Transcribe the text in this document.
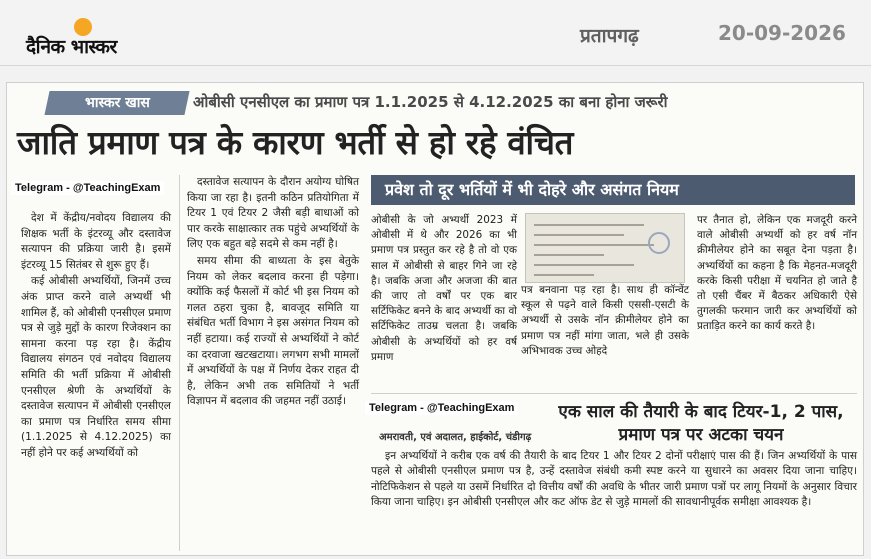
दैनिक भास्कर	प्रतापगढ़	20-09-2026
भास्कर खास	ओबीसी एनसीएल का प्रमाण पत्र 1.1.2025 से 4.12.2025 का बना होना जरूरी
जाति प्रमाण पत्र के कारण भर्ती से हो रहे वंचित
Telegram - @TeachingExam

देश में केंद्रीय/नवोदय विद्यालय की शिक्षक भर्ती के इंटरव्यू और दस्तावेज सत्यापन की प्रक्रिया जारी है। इसमें इंटरव्यू 15 सितंबर से शुरू हुए हैं।

कई ओबीसी अभ्यर्थियों, जिनमें उच्च अंक प्राप्त करने वाले अभ्यर्थी भी शामिल हैं, को ओबीसी एनसीएल प्रमाण पत्र से जुड़े मुद्दों के कारण रिजेक्शन का सामना करना पड़ रहा है। केंद्रीय विद्यालय संगठन एवं नवोदय विद्यालय समिति की भर्ती प्रक्रिया में ओबीसी एनसीएल श्रेणी के अभ्यर्थियों के दस्तावेज सत्यापन में ओबीसी एनसीएल का प्रमाण पत्र निर्धारित समय सीमा (1.1.2025 से 4.12.2025) का नहीं होने पर कई अभ्यर्थियों को

दस्तावेज सत्यापन के दौरान अयोग्य घोषित किया जा रहा है। इतनी कठिन प्रतियोगिता में टियर 1 एवं टियर 2 जैसी बड़ी बाधाओं को पार करके साक्षात्कार तक पहुंचे अभ्यर्थियों के लिए एक बहुत बड़े सदमे से कम नहीं है।

समय सीमा की बाध्यता के इस बेतुके नियम को लेकर बदलाव करना ही पड़ेगा। क्योंकि कई फैसलों में कोर्ट भी इस नियम को गलत ठहरा चुका है, बावजूद समिति या संबंधित भर्ती विभाग ने इस असंगत नियम को नहीं हटाया। कई राज्यों से अभ्यर्थियों ने कोर्ट का दरवाजा खटखटाया। लगभग सभी मामलों में अभ्यर्थियों के पक्ष में निर्णय देकर राहत दी है, लेकिन अभी तक समितियों ने भर्ती विज्ञापन में बदलाव की जहमत नहीं उठाई।

प्रवेश तो दूर भर्तियों में भी दोहरे और असंगत नियम
ओबीसी के जो अभ्यर्थी 2023 में ओबीसी में थे और 2026 का भी प्रमाण पत्र प्रस्तुत कर रहे है तो वो एक साल में ओबीसी से बाहर गिने जा रहे है। जबकि अजा और अजजा की बात की जाए तो वर्षों पर एक बार सर्टिफिकेट बनने के बाद अभ्यर्थी का वो सर्टिफिकेट ताउम्र चलता है। जबकि ओबीसी के अभ्यर्थियों को हर वर्ष प्रमाण
पत्र बनवाना पड़ रहा है। साथ ही कॉन्वेंट स्कूल से पढ़ने वाले किसी एससी-एसटी के अभ्यर्थी से उसके नॉन क्रीमीलेयर होने का प्रमाण पत्र नहीं मांगा जाता, भले ही उसके अभिभावक उच्च ओहदे
पर तैनात हो, लेकिन एक मजदूरी करने वाले ओबीसी अभ्यर्थी को हर वर्ष नॉन क्रीमीलेयर होने का सबूत देना पड़ता है। अभ्यर्थियों का कहना है कि मेहनत-मजदूरी करके किसी परीक्षा में चयनित हो जाते है तो एसी चैंबर में बैठकर अधिकारी ऐसे तुगलकी फरमान जारी कर अभ्यर्थियों को प्रताड़ित करने का कार्य करते है।
Telegram - @TeachingExam
अमरावती, एवं अदालत, हाईकोर्ट, चंडीगढ़
एक साल की तैयारी के बाद टियर-1, 2 पास, प्रमाण पत्र पर अटका चयन
इन अभ्यर्थियों ने करीब एक वर्ष की तैयारी के बाद टियर 1 और टियर 2 दोनों परीक्षाएं पास की हैं। जिन अभ्यर्थियों के पास पहले से ओबीसी एनसीएल प्रमाण पत्र है, उन्हें दस्तावेज संबंधी कमी स्पष्ट करने या सुधारने का अवसर दिया जाना चाहिए। नोटिफिकेशन से पहले या उसमें निर्धारित दो वित्तीय वर्षों की अवधि के भीतर जारी प्रमाण पत्रों पर लागू नियमों के अनुसार विचार किया जाना चाहिए। इन ओबीसी एनसीएल और कट ऑफ डेट से जुड़े मामलों की सावधानीपूर्वक समीक्षा आवश्यक है।
